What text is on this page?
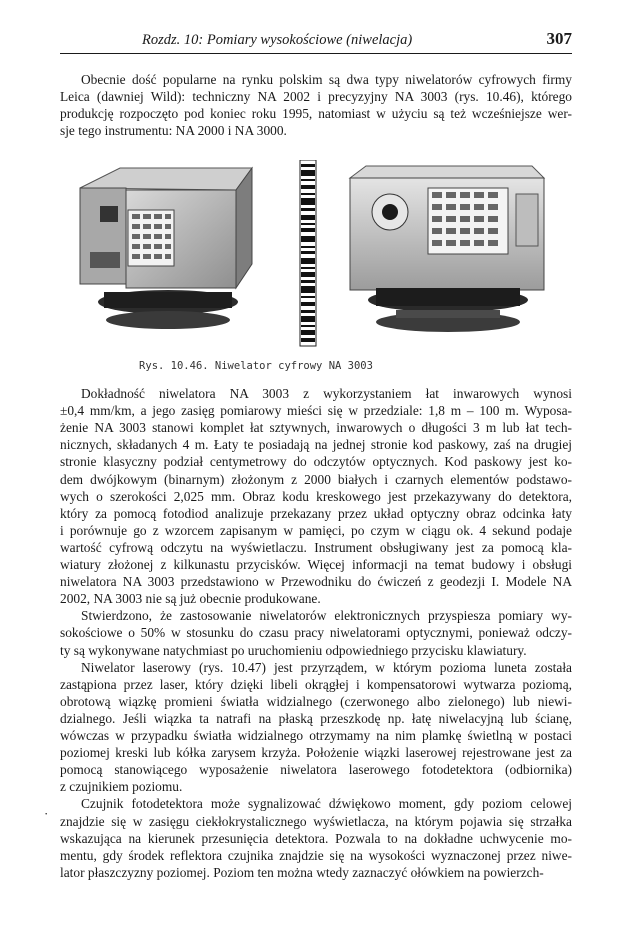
Rozdz. 10: Pomiary wysokościowe (niwelacja)	307

Obecnie dość popularne na rynku polskim są dwa typy niwelatorów cyfrowych firmy

Leica (dawniej Wild): techniczny NA 2002 i precyzyjny NA 3003 (rys. 10.46), którego

produkcję rozpoczęto pod koniec roku 1995, natomiast w użyciu są też wcześniejsze wer-

sje tego instrumentu: NA 2000 i NA 3000.

Rys. 10.46. Niwelator cyfrowy NA 3003

Dokładność niwelatora NA 3003 z wykorzystaniem łat inwarowych wynosi

±0,4 mm/km, a jego zasięg pomiarowy mieści się w przedziale: 1,8 m – 100 m. Wyposa-

żenie NA 3003 stanowi komplet łat sztywnych, inwarowych o długości 3 m lub łat tech-

nicznych, składanych 4 m. Łaty te posiadają na jednej stronie kod paskowy, zaś na drugiej

stronie klasyczny podział centymetrowy do odczytów optycznych. Kod paskowy jest ko-

dem dwójkowym (binarnym) złożonym z 2000 białych i czarnych elementów podstawo-

wych o szerokości 2,025 mm. Obraz kodu kreskowego jest przekazywany do detektora,

który za pomocą fotodiod analizuje przekazany przez układ optyczny obraz odcinka łaty

i porównuje go z wzorcem zapisanym w pamięci, po czym w ciągu ok. 4 sekund podaje

wartość cyfrową odczytu na wyświetlaczu. Instrument obsługiwany jest za pomocą kla-

wiatury złożonej z kilkunastu przycisków. Więcej informacji na temat budowy i obsługi

niwelatora NA 3003 przedstawiono w Przewodniku do ćwiczeń z geodezji I. Modele NA

2002, NA 3003 nie są już obecnie produkowane.

Stwierdzono, że zastosowanie niwelatorów elektronicznych przyspiesza pomiary wy-

sokościowe o 50% w stosunku do czasu pracy niwelatorami optycznymi, ponieważ odczy-

ty są wykonywane natychmiast po uruchomieniu odpowiedniego przycisku klawiatury.

Niwelator laserowy (rys. 10.47) jest przyrządem, w którym pozioma luneta została

zastąpiona przez laser, który dzięki libeli okrągłej i kompensatorowi wytwarza poziomą,

obrotową wiązkę promieni światła widzialnego (czerwonego albo zielonego) lub niewi-

dzialnego. Jeśli wiązka ta natrafi na płaską przeszkodę np. łatę niwelacyjną lub ścianę,

wówczas w przypadku światła widzialnego otrzymamy na nim plamkę świetlną w postaci

poziomej kreski lub kółka zarysem krzyża. Położenie wiązki laserowej rejestrowane jest za

pomocą stanowiącego wyposażenie niwelatora laserowego fotodetektora (odbiornika)

z czujnikiem poziomu.

Czujnik fotodetektora może sygnalizować dźwiękowo moment, gdy poziom celowej

znajdzie się w zasięgu ciekłokrystalicznego wyświetlacza, na którym pojawia się strzałka

wskazująca na kierunek przesunięcia detektora. Pozwala to na dokładne uchwycenie mo-

mentu, gdy środek reflektora czujnika znajdzie się na wysokości wyznaczonej przez niwe-

lator płaszczyzny poziomej. Poziom ten można wtedy zaznaczyć ołówkiem na powierzch-

·
